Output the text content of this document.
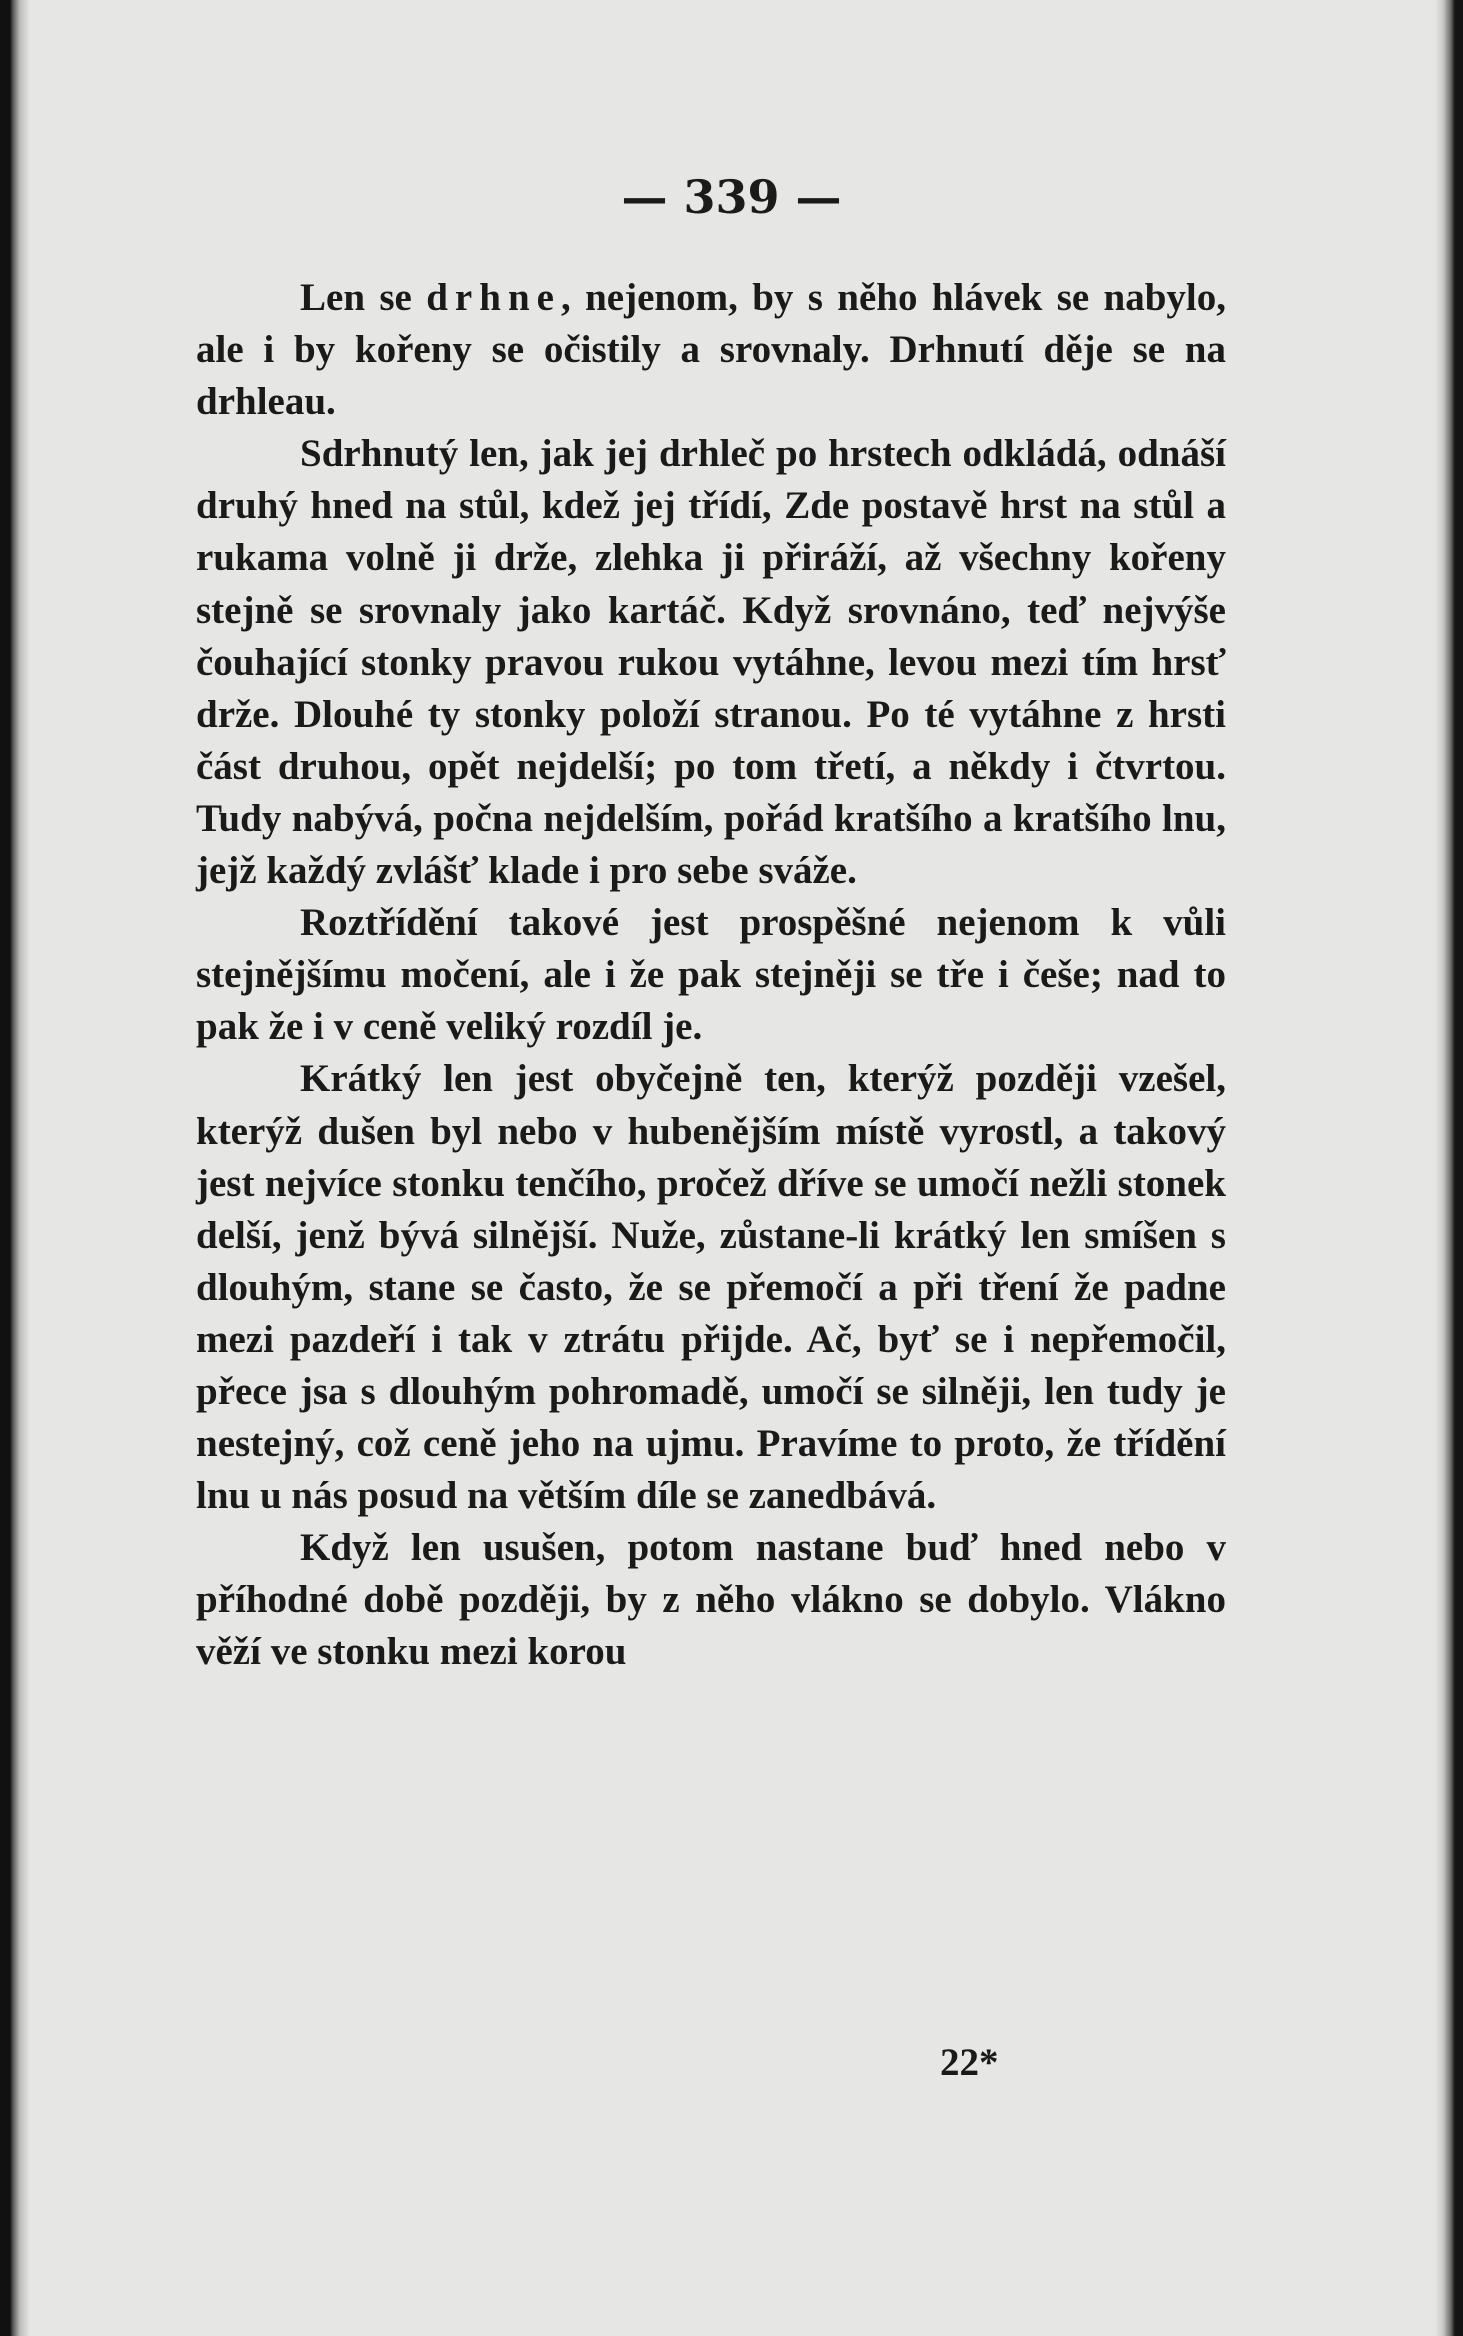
— 339 —

Len se drhne, nejenom, by s něho hlávek se nabylo, ale i by kořeny se očistily a srovnaly. Drhnutí děje se na drhleau.

Sdrhnutý len, jak jej drhleč po hrstech odkládá, odnáší druhý hned na stůl, kdež jej třídí, Zde postavě hrst na stůl a rukama volně ji drže, zlehka ji přiráží, až všechny kořeny stejně se srovnaly jako kartáč. Když srovnáno, teď nejvýše čouhající stonky pravou rukou vytáhne, levou mezi tím hrsť drže. Dlouhé ty stonky položí stranou. Po té vytáhne z hrsti část druhou, opět nejdelší; po tom třetí, a někdy i čtvrtou. Tudy nabývá, počna nejdelším, pořád kratšího a kratšího lnu, jejž každý zvlášť klade i pro sebe sváže.

Roztřídění takové jest prospěšné nejenom k vůli stejnějšímu močení, ale i že pak stejněji se tře i češe; nad to pak že i v ceně veliký rozdíl je.

Krátký len jest obyčejně ten, kterýž později vzešel, kterýž dušen byl nebo v hubenějším místě vyrostl, a takový jest nejvíce stonku tenčího, pročež dříve se umočí nežli stonek delší, jenž bývá silnější. Nuže, zůstane-li krátký len smíšen s dlouhým, stane se často, že se přemočí a při tření že padne mezi pazdeří i tak v ztrátu přijde. Ač, byť se i nepřemočil, přece jsa s dlouhým pohromadě, umočí se silněji, len tudy je nestejný, což ceně jeho na ujmu. Pravíme to proto, že třídění lnu u nás posud na větším díle se zanedbává.

Když len usušen, potom nastane buď hned nebo v příhodné době později, by z něho vlákno se dobylo. Vlákno věží ve stonku mezi korou

22*
